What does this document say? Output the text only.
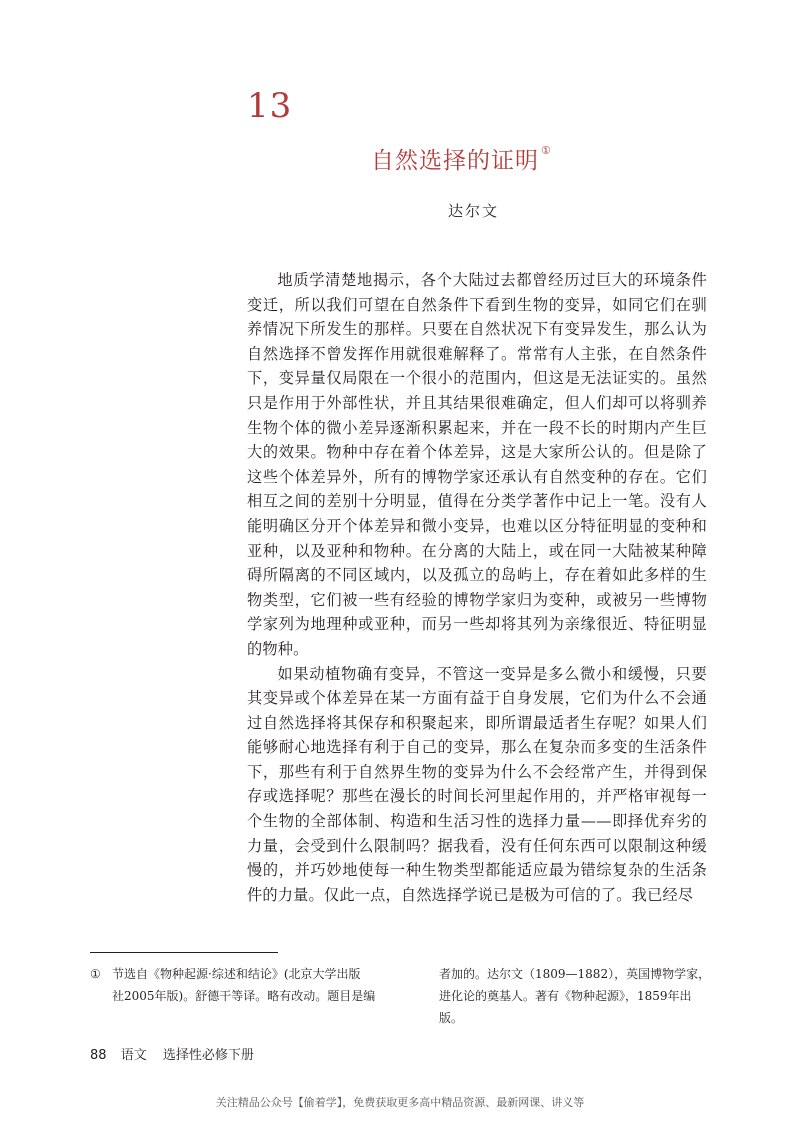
13
自然选择的证明 ①
达尔文

地质学清楚地揭示，各个大陆过去都曾经历过巨大的环境条件变迁，所以我们可望在自然条件下看到生物的变异，如同它们在驯养情况下所发生的那样。只要在自然状况下有变异发生，那么认为自然选择不曾发挥作用就很难解释了。常常有人主张，在自然条件下，变异量仅局限在一个很小的范围内，但这是无法证实的。虽然只是作用于外部性状，并且其结果很难确定，但人们却可以将驯养生物个体的微小差异逐渐积累起来，并在一段不长的时期内产生巨大的效果。物种中存在着个体差异，这是大家所公认的。但是除了这些个体差异外，所有的博物学家还承认有自然变种的存在。它们相互之间的差别十分明显，值得在分类学著作中记上一笔。没有人能明确区分开个体差异和微小变异，也难以区分特征明显的变种和亚种，以及亚种和物种。在分离的大陆上，或在同一大陆被某种障碍所隔离的不同区域内，以及孤立的岛屿上，存在着如此多样的生物类型，它们被一些有经验的博物学家归为变种，或被另一些博物学家列为地理种或亚种，而另一些却将其列为亲缘很近、特征明显的物种。

如果动植物确有变异，不管这一变异是多么微小和缓慢，只要其变异或个体差异在某一方面有益于自身发展，它们为什么不会通过自然选择将其保存和积聚起来，即所谓最适者生存呢？如果人们能够耐心地选择有利于自己的变异，那么在复杂而多变的生活条件下，那些有利于自然界生物的变异为什么不会经常产生，并得到保存或选择呢？那些在漫长的时间长河里起作用的，并严格审视每一个生物的全部体制、构造和生活习性的选择力量——即择优弃劣的力量，会受到什么限制吗？据我看，没有任何东西可以限制这种缓慢的，并巧妙地使每一种生物类型都能适应最为错综复杂的生活条件的力量。仅此一点，自然选择学说已是极为可信的了。我已经尽

① 节选自《物种起源·综述和结论》(北京大学出版
社2005年版)。舒德干等译。略有改动。题目是编
者加的。达尔文（1809—1882），英国博物学家，
进化论的奠基人。著有《物种起源》，1859年出版。
88 语文 选择性必修下册
关注精品公众号【偷着学】，免费获取更多高中精品资源、最新网课、讲义等
